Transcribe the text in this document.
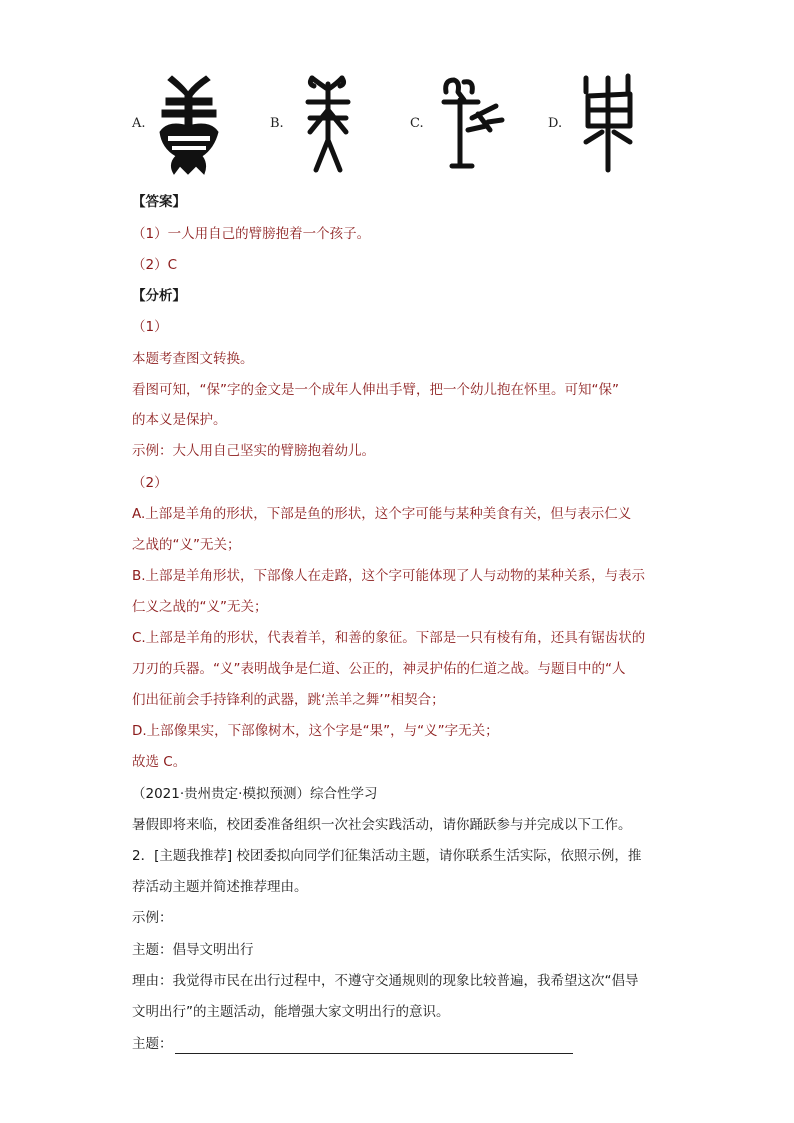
A.	B.	C.	D.
【答案】
（1）一人用自己的臂膀抱着一个孩子。
（2）C
【分析】
（1）
本题考查图文转换。
看图可知，“保”字的金文是一个成年人伸出手臂，把一个幼儿抱在怀里。可知“保”
的本义是保护。
示例：大人用自己坚实的臂膀抱着幼儿。
（2）
A.上部是羊角的形状，下部是鱼的形状，这个字可能与某种美食有关，但与表示仁义
之战的“义”无关；
B.上部是羊角形状，下部像人在走路，这个字可能体现了人与动物的某种关系，与表示
仁义之战的“义”无关；
C.上部是羊角的形状，代表着羊，和善的象征。下部是一只有棱有角，还具有锯齿状的
刀刃的兵器。“义”表明战争是仁道、公正的，神灵护佑的仁道之战。与题目中的“人
们出征前会手持锋利的武器，跳‘羔羊之舞’”相契合；
D.上部像果实，下部像树木，这个字是“果”，与“义”字无关；
故选 C。
（2021·贵州贵定·模拟预测）综合性学习
暑假即将来临，校团委准备组织一次社会实践活动，请你踊跃参与并完成以下工作。
2．[主题我推荐] 校团委拟向同学们征集活动主题，请你联系生活实际，依照示例，推
荐活动主题并简述推荐理由。
示例：
主题：倡导文明出行
理由：我觉得市民在出行过程中，不遵守交通规则的现象比较普遍，我希望这次“倡导
文明出行”的主题活动，能增强大家文明出行的意识。
主题：
